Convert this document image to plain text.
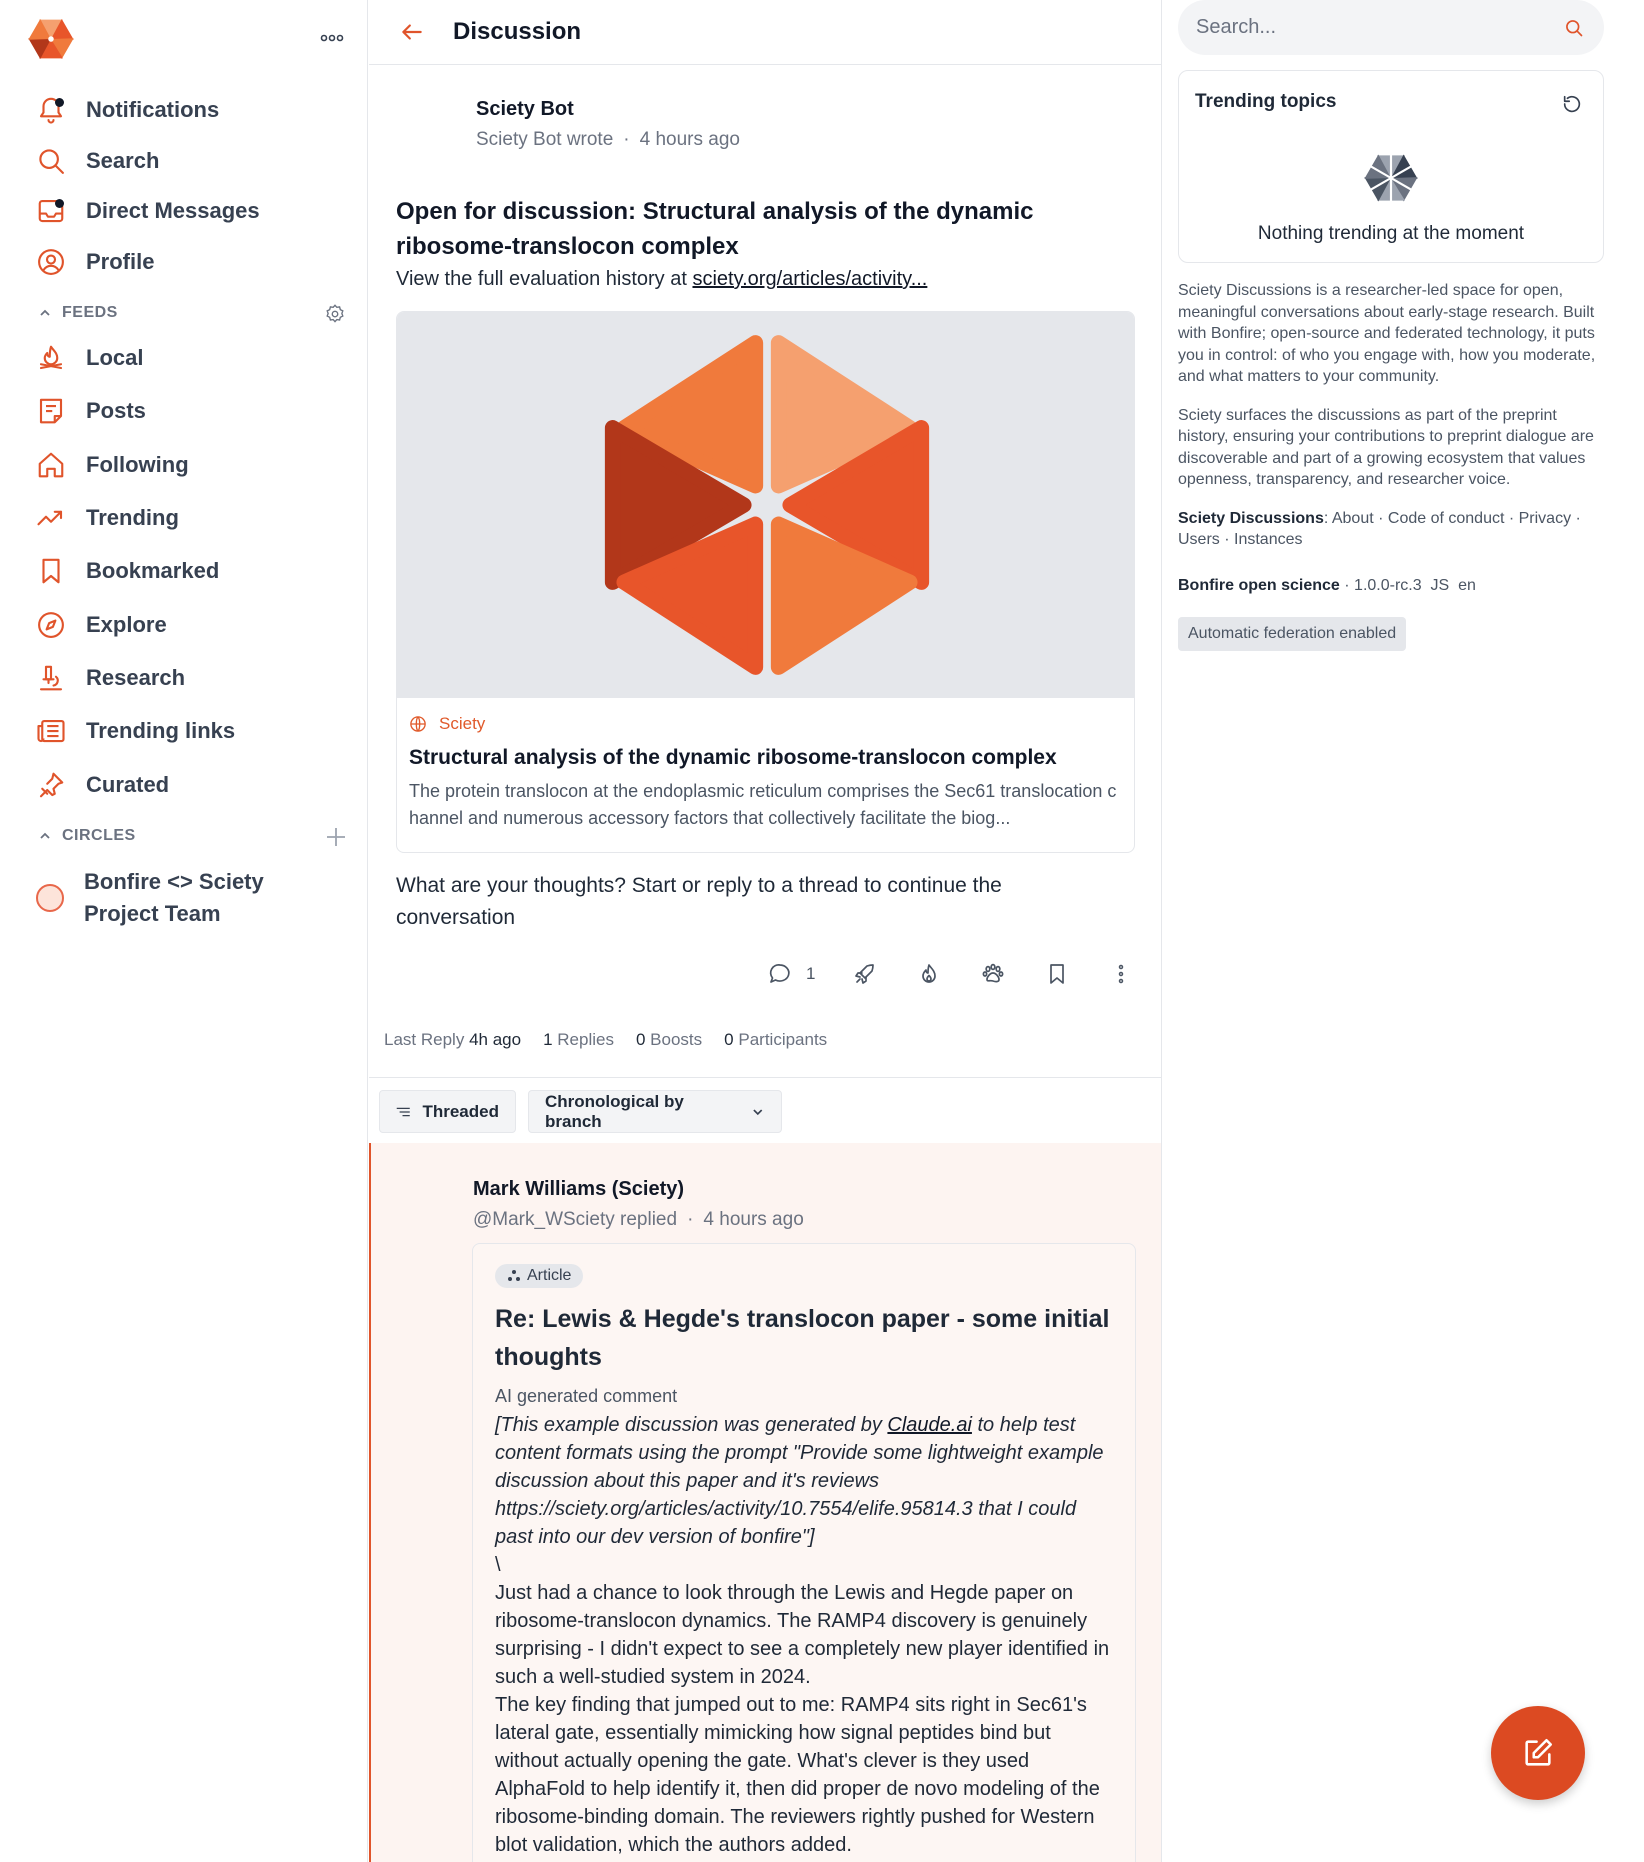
Notifications
Search
Direct Messages
Profile
FEEDS
Local
Posts
Following
Trending
Bookmarked
Explore
Research
Trending links
Curated
CIRCLES
Bonfire <> Sciety Project Team
Discussion
Sciety Bot
Sciety Bot wrote · 4 hours ago
Open for discussion: Structural analysis of the dynamic ribosome-translocon complex
View the full evaluation history at sciety.org/articles/activity...
Sciety
Structural analysis of the dynamic ribosome-translocon complex
The protein translocon at the endoplasmic reticulum comprises the Sec61 translocation channel and numerous accessory factors that collectively facilitate the biog...
What are your thoughts? Start or reply to a thread to continue the conversation
1
Last Reply 4h ago 1 Replies 0 Boosts 0 Participants
Threaded
Chronological by branch
Mark Williams (Sciety)
@Mark_WSciety replied · 4 hours ago
Article
Re: Lewis & Hegde's translocon paper - some initial thoughts
AI generated comment
[This example discussion was generated by Claude.ai to help test content formats using the prompt "Provide some lightweight example discussion about this paper and it's reviews https://sciety.org/articles/activity/10.7554/elife.95814.3 that I could past into our dev version of bonfire"]
\
Just had a chance to look through the Lewis and Hegde paper on ribosome-translocon dynamics. The RAMP4 discovery is genuinely surprising - I didn't expect to see a completely new player identified in such a well-studied system in 2024.
The key finding that jumped out to me: RAMP4 sits right in Sec61's lateral gate, essentially mimicking how signal peptides bind but without actually opening the gate. What's clever is they used AlphaFold to help identify it, then did proper de novo modeling of the ribosome-binding domain. The reviewers rightly pushed for Western blot validation, which the authors added.
Search...
Trending topics
Nothing trending at the moment

Sciety Discussions is a researcher-led space for open, meaningful conversations about early-stage research. Built with Bonfire; open-source and federated technology, it puts you in control: of who you engage with, how you moderate, and what matters to your community.

Sciety surfaces the discussions as part of the preprint history, ensuring your contributions to preprint dialogue are discoverable and part of a growing ecosystem that values openness, transparency, and researcher voice.

Sciety Discussions: About · Code of conduct · Privacy · Users · Instances

Bonfire open science · 1.0.0-rc.3  JS  en

Automatic federation enabled
